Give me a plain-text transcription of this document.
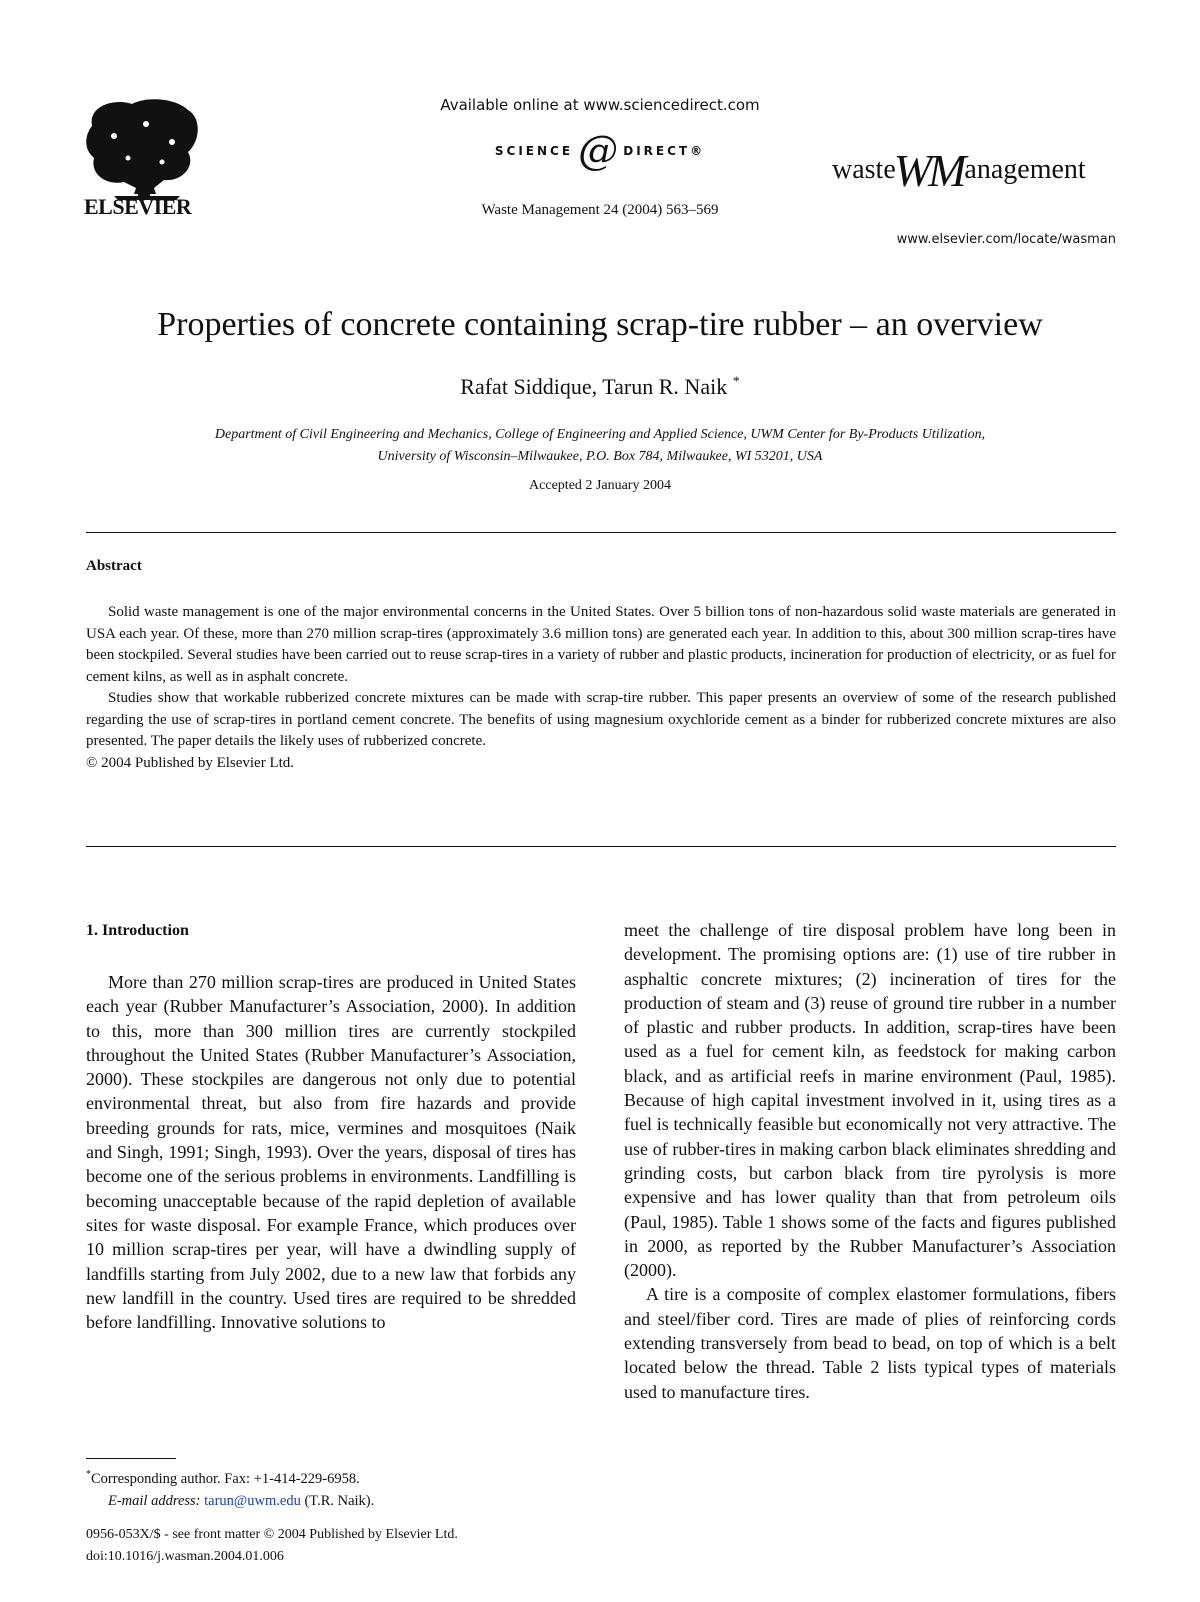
ELSEVIER
Available online at www.sciencedirect.com
SCIENCE @ DIRECT®
Waste Management 24 (2004) 563–569
wasteWManagement
www.elsevier.com/locate/wasman
Properties of concrete containing scrap-tire rubber – an overview
Rafat Siddique, Tarun R. Naik *
Department of Civil Engineering and Mechanics, College of Engineering and Applied Science, UWM Center for By-Products Utilization,
University of Wisconsin–Milwaukee, P.O. Box 784, Milwaukee, WI 53201, USA
Accepted 2 January 2004
Abstract

Solid waste management is one of the major environmental concerns in the United States. Over 5 billion tons of non-hazardous solid waste materials are generated in USA each year. Of these, more than 270 million scrap-tires (approximately 3.6 million tons) are generated each year. In addition to this, about 300 million scrap-tires have been stockpiled. Several studies have been carried out to reuse scrap-tires in a variety of rubber and plastic products, incineration for production of electricity, or as fuel for cement kilns, as well as in asphalt concrete.

Studies show that workable rubberized concrete mixtures can be made with scrap-tire rubber. This paper presents an overview of some of the research published regarding the use of scrap-tires in portland cement concrete. The benefits of using magnesium oxychloride cement as a binder for rubberized concrete mixtures are also presented. The paper details the likely uses of rubberized concrete.

© 2004 Published by Elsevier Ltd.

1. Introduction

More than 270 million scrap-tires are produced in United States each year (Rubber Manufacturer’s Association, 2000). In addition to this, more than 300 million tires are currently stockpiled throughout the United States (Rubber Manufacturer’s Association, 2000). These stockpiles are dangerous not only due to potential environmental threat, but also from fire hazards and provide breeding grounds for rats, mice, vermines and mosquitoes (Naik and Singh, 1991; Singh, 1993). Over the years, disposal of tires has become one of the serious problems in environments. Landfilling is becoming unacceptable because of the rapid depletion of available sites for waste disposal. For example France, which produces over 10 million scrap-tires per year, will have a dwindling supply of landfills starting from July 2002, due to a new law that forbids any new landfill in the country. Used tires are required to be shredded before landfilling. Innovative solutions to

meet the challenge of tire disposal problem have long been in development. The promising options are: (1) use of tire rubber in asphaltic concrete mixtures; (2) incineration of tires for the production of steam and (3) reuse of ground tire rubber in a number of plastic and rubber products. In addition, scrap-tires have been used as a fuel for cement kiln, as feedstock for making carbon black, and as artificial reefs in marine environment (Paul, 1985). Because of high capital investment involved in it, using tires as a fuel is technically feasible but economically not very attractive. The use of rubber-tires in making carbon black eliminates shredding and grinding costs, but carbon black from tire pyrolysis is more expensive and has lower quality than that from petroleum oils (Paul, 1985). Table 1 shows some of the facts and figures published in 2000, as reported by the Rubber Manufacturer’s Association (2000).

A tire is a composite of complex elastomer formulations, fibers and steel/fiber cord. Tires are made of plies of reinforcing cords extending transversely from bead to bead, on top of which is a belt located below the thread. Table 2 lists typical types of materials used to manufacture tires.

*Corresponding author. Fax: +1-414-229-6958.
E-mail address: tarun@uwm.edu (T.R. Naik).
0956-053X/$ - see front matter © 2004 Published by Elsevier Ltd.
doi:10.1016/j.wasman.2004.01.006
